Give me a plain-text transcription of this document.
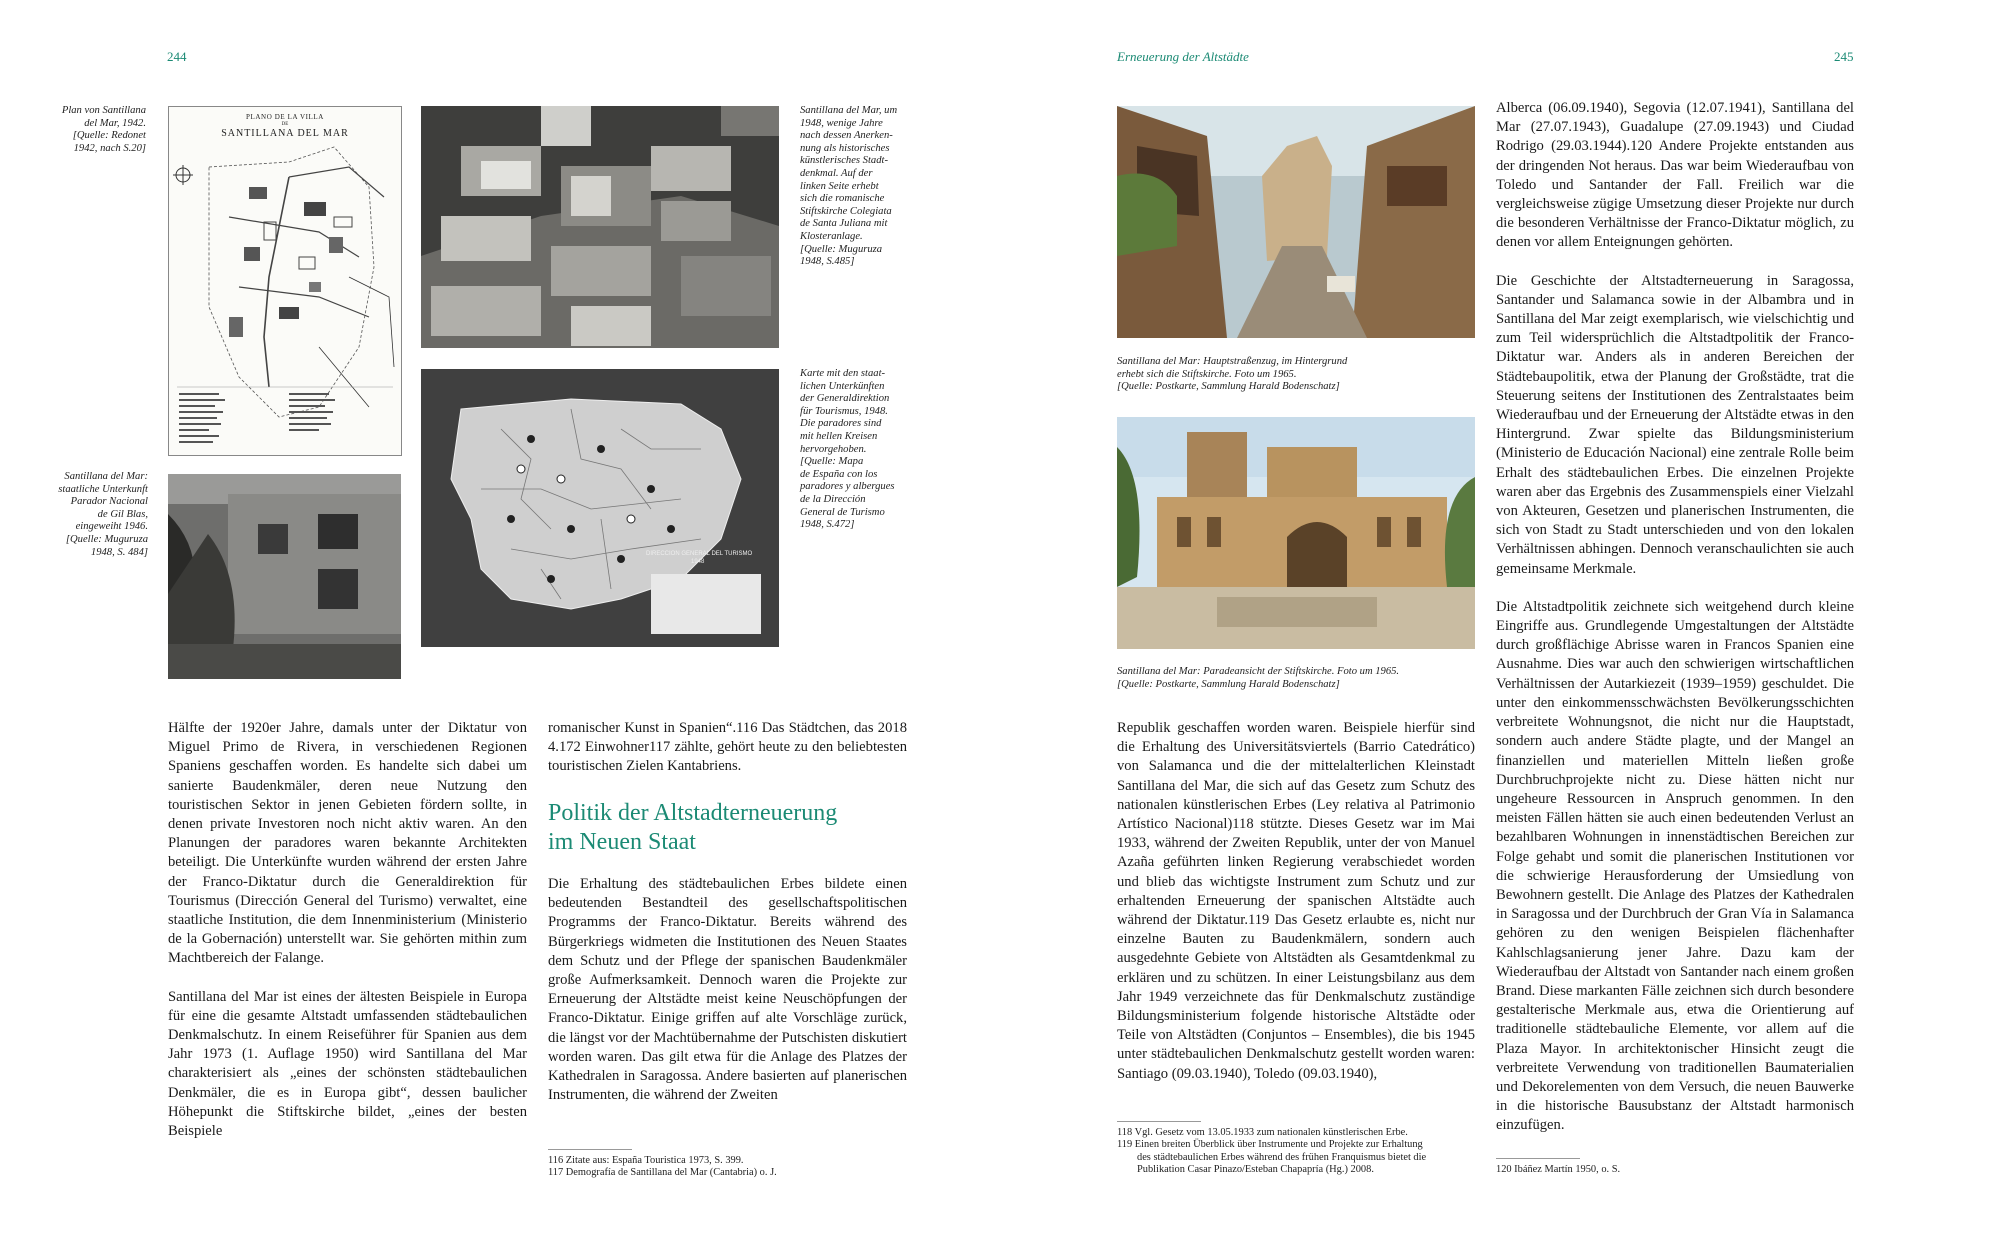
244

Plan von Santillana

del Mar, 1942.

[Quelle: Redonet

1942, nach S.20]

PLANO DE LA VILLA
DE
SANTILLANA DEL MAR

Santillana del Mar, um

1948, wenige Jahre

nach dessen Anerken-

nung als historisches

künstlerisches Stadt-

denkmal. Auf der

linken Seite erhebt

sich die romanische

Stiftskirche Colegiata

de Santa Juliana mit

Klosteranlage.

[Quelle: Muguruza

1948, S.485]

DIRECCION GENERAL DEL TURISMO
1948

Karte mit den staat-

lichen Unterkünften

der Generaldirektion

für Tourismus, 1948.

Die paradores sind

mit hellen Kreisen

hervorgehoben.

[Quelle: Mapa

de España con los

paradores y albergues

de la Dirección

General de Turismo

1948, S.472]

Santillana del Mar:

staatliche Unterkunft

Parador Nacional

de Gil Blas,

eingeweiht 1946.

[Quelle: Muguruza

1948, S. 484]

Hälfte der 1920er Jahre, damals unter der Diktatur von Miguel Primo de Rivera, in verschiedenen Regionen Spaniens geschaffen worden. Es handelte sich dabei um sanierte Baudenkmäler, deren neue Nutzung den touristischen Sektor in jenen Gebieten fördern sollte, in denen private Investoren noch nicht aktiv waren. An den Planungen der paradores waren bekannte Architekten beteiligt. Die Unterkünfte wurden während der ersten Jahre der Franco-Diktatur durch die Generaldirektion für Tourismus (Dirección General del Turismo) verwaltet, eine staatliche Institution, die dem Innenministerium (Ministerio de la Gobernación) unterstellt war. Sie gehörten mithin zum Machtbereich der Falange.

Santillana del Mar ist eines der ältesten Beispiele in Europa für eine die gesamte Altstadt umfassenden städtebaulichen Denkmalschutz. In einem Reiseführer für Spanien aus dem Jahr 1973 (1. Auflage 1950) wird Santillana del Mar charakterisiert als „eines der schönsten städtebaulichen Denkmäler, die es in Europa gibt“, dessen baulicher Höhepunkt die Stiftskirche bildet, „eines der besten Beispiele

romanischer Kunst in Spanien“.116 Das Städtchen, das 2018 4.172 Einwohner117 zählte, gehört heute zu den beliebtesten touristischen Zielen Kantabriens.
Politik der Altstadterneuerung
im Neuen Staat
Die Erhaltung des städtebaulichen Erbes bildete einen bedeutenden Bestandteil des gesellschaftspolitischen Programms der Franco-Diktatur. Bereits während des Bürgerkriegs widmeten die Institutionen des Neuen Staates dem Schutz und der Pflege der spanischen Baudenkmäler große Aufmerksamkeit. Dennoch waren die Projekte zur Erneuerung der Altstädte meist keine Neuschöpfungen der Franco-Diktatur. Einige griffen auf alte Vorschläge zurück, die längst vor der Machtübernahme der Putschisten diskutiert worden waren. Das gilt etwa für die Anlage des Platzes der Kathedralen in Saragossa. Andere basierten auf planerischen Instrumenten, die während der Zweiten

116 Zitate aus: España Touristica 1973, S. 399.

117 Demografía de Santillana del Mar (Cantabria) o. J.

Erneuerung der Altstädte	245

Santillana del Mar: Hauptstraßenzug, im Hintergrund

erhebt sich die Stiftskirche. Foto um 1965.

[Quelle: Postkarte, Sammlung Harald Bodenschatz]

Santillana del Mar: Paradeansicht der Stiftskirche. Foto um 1965.

[Quelle: Postkarte, Sammlung Harald Bodenschatz]

Republik geschaffen worden waren. Beispiele hierfür sind die Erhaltung des Universitätsviertels (Barrio Catedrático) von Salamanca und die der mittelalterlichen Kleinstadt Santillana del Mar, die sich auf das Gesetz zum Schutz des nationalen künstlerischen Erbes (Ley relativa al Patrimonio Artístico Nacional)118 stützte. Dieses Gesetz war im Mai 1933, während der Zweiten Republik, unter der von Manuel Azaña geführten linken Regierung verabschiedet worden und blieb das wichtigste Instrument zum Schutz und zur erhaltenden Erneuerung der spanischen Altstädte auch während der Diktatur.119 Das Gesetz erlaubte es, nicht nur einzelne Bauten zu Baudenkmälern, sondern auch ausgedehnte Gebiete von Altstädten als Gesamtdenkmal zu erklären und zu schützen. In einer Leistungsbilanz aus dem Jahr 1949 verzeichnete das für Denkmalschutz zuständige Bildungsministerium folgende historische Altstädte oder Teile von Altstädten (Conjuntos – Ensembles), die bis 1945 unter städtebaulichen Denkmalschutz gestellt worden waren: Santiago (09.03.1940), Toledo (09.03.1940),

118 Vgl. Gesetz vom 13.05.1933 zum nationalen künstlerischen Erbe.

119 Einen breiten Überblick über Instrumente und Projekte zur Erhaltung

des städtebaulichen Erbes während des frühen Franquismus bietet die

Publikation Casar Pinazo/Esteban Chapapría (Hg.) 2008.

Alberca (06.09.1940), Segovia (12.07.1941), Santillana del Mar (27.07.1943), Guadalupe (27.09.1943) und Ciudad Rodrigo (29.03.1944).120 Andere Projekte entstanden aus der dringenden Not heraus. Das war beim Wiederaufbau von Toledo und Santander der Fall. Freilich war die vergleichsweise zügige Umsetzung dieser Projekte nur durch die besonderen Verhältnisse der Franco-Diktatur möglich, zu denen vor allem Enteignungen gehörten.

Die Geschichte der Altstadterneuerung in Saragossa, Santander und Salamanca sowie in der Albambra und in Santillana del Mar zeigt exemplarisch, wie vielschichtig und zum Teil widersprüchlich die Altstadtpolitik der Franco-Diktatur war. Anders als in anderen Bereichen der Städtebaupolitik, etwa der Planung der Großstädte, trat die Steuerung seitens der Institutionen des Zentralstaates beim Wiederaufbau und der Erneuerung der Altstädte etwas in den Hintergrund. Zwar spielte das Bildungsministerium (Ministerio de Educación Nacional) eine zentrale Rolle beim Erhalt des städtebaulichen Erbes. Die einzelnen Projekte waren aber das Ergebnis des Zusammenspiels einer Vielzahl von Akteuren, Gesetzen und planerischen Instrumenten, die sich von Stadt zu Stadt unterschieden und von den lokalen Verhältnissen abhingen. Dennoch veranschaulichten sie auch gemeinsame Merkmale.

Die Altstadtpolitik zeichnete sich weitgehend durch kleine Eingriffe aus. Grundlegende Umgestaltungen der Altstädte durch großflächige Abrisse waren in Francos Spanien eine Ausnahme. Dies war auch den schwierigen wirtschaftlichen Verhältnissen der Autarkiezeit (1939–1959) geschuldet. Die unter den einkommensschwächsten Bevölkerungsschichten verbreitete Wohnungsnot, die nicht nur die Hauptstadt, sondern auch andere Städte plagte, und der Mangel an finanziellen und materiellen Mitteln ließen große Durchbruchprojekte nicht zu. Diese hätten nicht nur ungeheure Ressourcen in Anspruch genommen. In den meisten Fällen hätten sie auch einen bedeutenden Verlust an bezahlbaren Wohnungen in innenstädtischen Bereichen zur Folge gehabt und somit die planerischen Institutionen vor die schwierige Herausforderung der Umsiedlung von Bewohnern gestellt. Die Anlage des Platzes der Kathedralen in Saragossa und der Durchbruch der Gran Vía in Salamanca gehören zu den wenigen Beispielen flächenhafter Kahlschlagsanierung jener Jahre. Dazu kam der Wiederaufbau der Altstadt von Santander nach einem großen Brand. Diese markanten Fälle zeichnen sich durch besondere gestalterische Merkmale aus, etwa die Orientierung auf traditionelle städtebauliche Elemente, vor allem auf die Plaza Mayor. In architektonischer Hinsicht zeugt die verbreitete Verwendung von traditionellen Baumaterialien und Dekorelementen von dem Versuch, die neuen Bauwerke in die historische Bausubstanz der Altstadt harmonisch einzufügen.

120 Ibáñez Martín 1950, o. S.
